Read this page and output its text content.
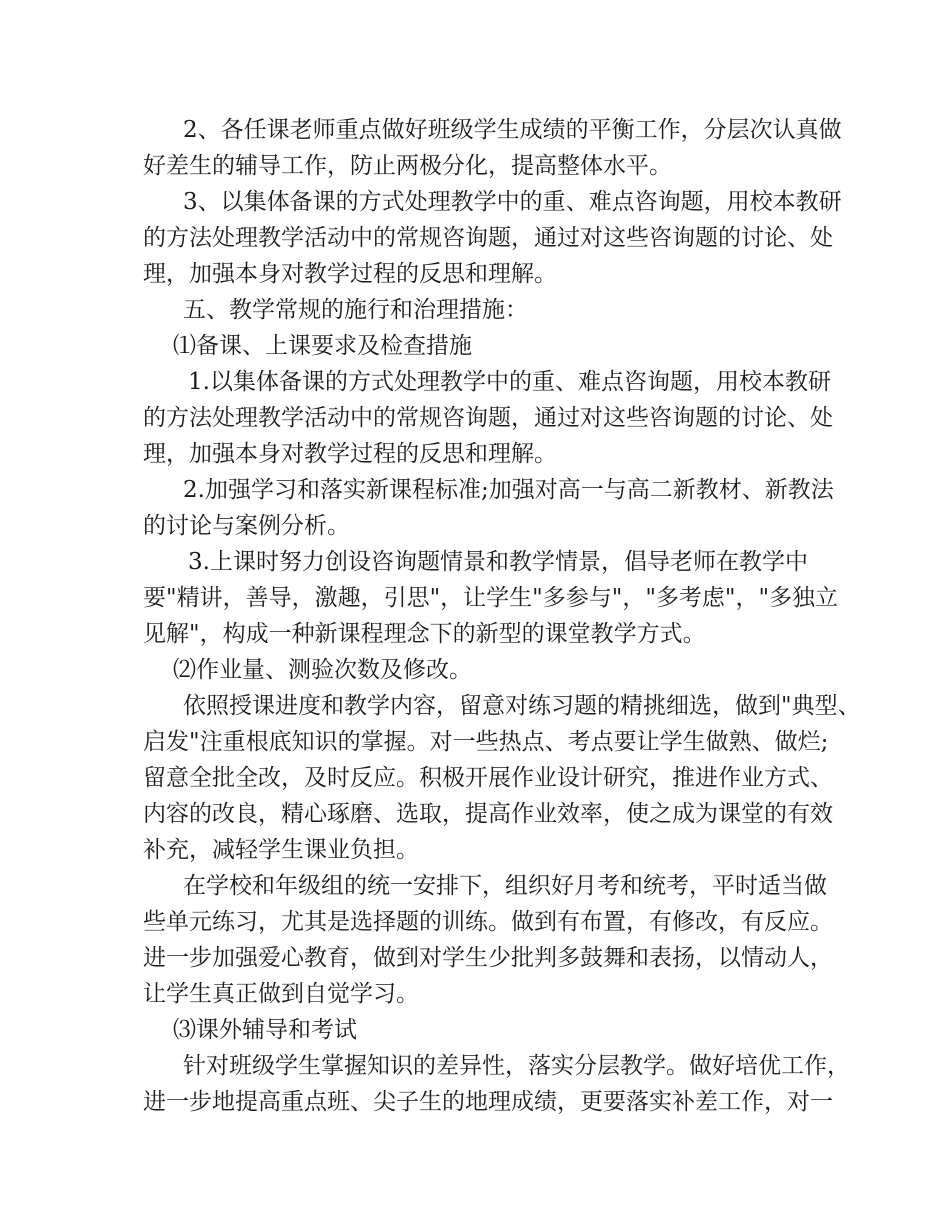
2、各任课老师重点做好班级学生成绩的平衡工作，分层次认真做
好差生的辅导工作，防止两极分化，提高整体水平。
3、以集体备课的方式处理教学中的重、难点咨询题，用校本教研
的方法处理教学活动中的常规咨询题，通过对这些咨询题的讨论、处
理，加强本身对教学过程的反思和理解。
五、教学常规的施行和治理措施：
⑴备课、上课要求及检查措施
1.以集体备课的方式处理教学中的重、难点咨询题，用校本教研
的方法处理教学活动中的常规咨询题，通过对这些咨询题的讨论、处
理，加强本身对教学过程的反思和理解。
2.加强学习和落实新课程标准;加强对高一与高二新教材、新教法
的讨论与案例分析。
3.上课时努力创设咨询题情景和教学情景，倡导老师在教学中
要"精讲，善导，激趣，引思"，让学生"多参与"，"多考虑"，"多独立
见解"，构成一种新课程理念下的新型的课堂教学方式。
⑵作业量、测验次数及修改。
依照授课进度和教学内容，留意对练习题的精挑细选，做到"典型、
启发"注重根底知识的掌握。对一些热点、考点要让学生做熟、做烂;
留意全批全改，及时反应。积极开展作业设计研究，推进作业方式、
内容的改良，精心琢磨、选取，提高作业效率，使之成为课堂的有效
补充，减轻学生课业负担。
在学校和年级组的统一安排下，组织好月考和统考，平时适当做
些单元练习，尤其是选择题的训练。做到有布置，有修改，有反应。
进一步加强爱心教育，做到对学生少批判多鼓舞和表扬，以情动人，
让学生真正做到自觉学习。
⑶课外辅导和考试
针对班级学生掌握知识的差异性，落实分层教学。做好培优工作，
进一步地提高重点班、尖子生的地理成绩，更要落实补差工作，对一
